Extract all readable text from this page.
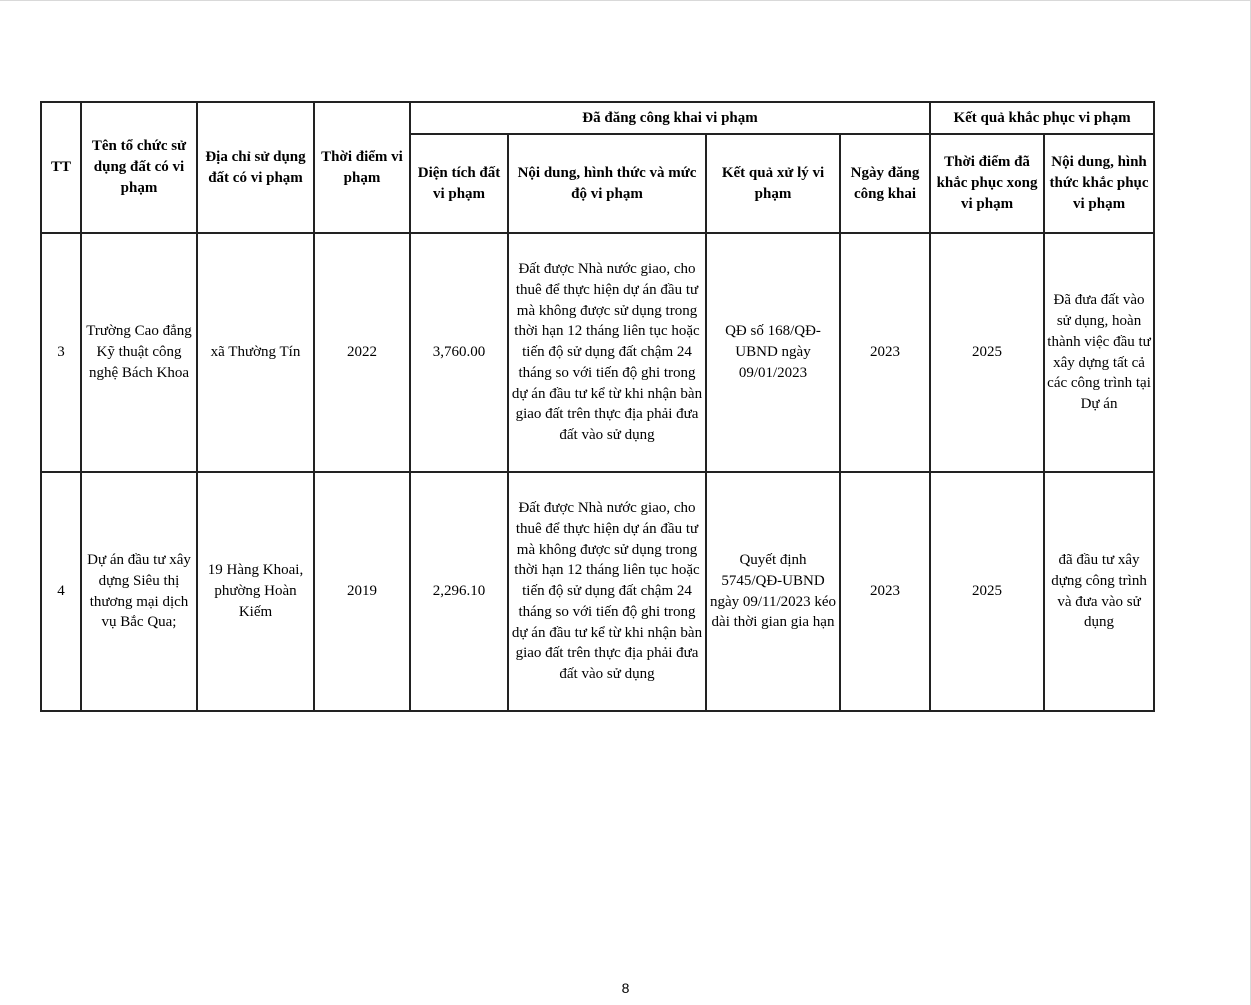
TT	Tên tổ chức sử dụng đất có vi phạm	Địa chỉ sử dụng đất có vi phạm	Thời điểm vi phạm	Đã đăng công khai vi phạm				Kết quả khắc phục vi phạm	
				Diện tích đất vi phạm	Nội dung, hình thức và mức độ vi phạm	Kết quả xử lý vi phạm	Ngày đăng công khai	Thời điểm đã khắc phục xong vi phạm	Nội dung, hình thức khắc phục vi phạm
3	Trường Cao đẳng Kỹ thuật công nghệ Bách Khoa	xã Thường Tín	2022	3,760.00	Đất được Nhà nước giao, cho thuê để thực hiện dự án đầu tư mà không được sử dụng trong thời hạn 12 tháng liên tục hoặc tiến độ sử dụng đất chậm 24 tháng so với tiến độ ghi trong dự án đầu tư kể từ khi nhận bàn giao đất trên thực địa phải đưa đất vào sử dụng	QĐ số 168/QĐ-UBND ngày 09/01/2023	2023	2025	Đã đưa đất vào sử dụng, hoàn thành việc đầu tư xây dựng tất cả các công trình tại Dự án
4	Dự án đầu tư xây dựng Siêu thị thương mại dịch vụ Bắc Qua;	19 Hàng Khoai, phường Hoàn Kiếm	2019	2,296.10	Đất được Nhà nước giao, cho thuê để thực hiện dự án đầu tư mà không được sử dụng trong thời hạn 12 tháng liên tục hoặc tiến độ sử dụng đất chậm 24 tháng so với tiến độ ghi trong dự án đầu tư kể từ khi nhận bàn giao đất trên thực địa phải đưa đất vào sử dụng	Quyết định 5745/QĐ-UBND ngày 09/11/2023 kéo dài thời gian gia hạn	2023	2025	đã đầu tư xây dựng công trình và đưa vào sử dụng
8
